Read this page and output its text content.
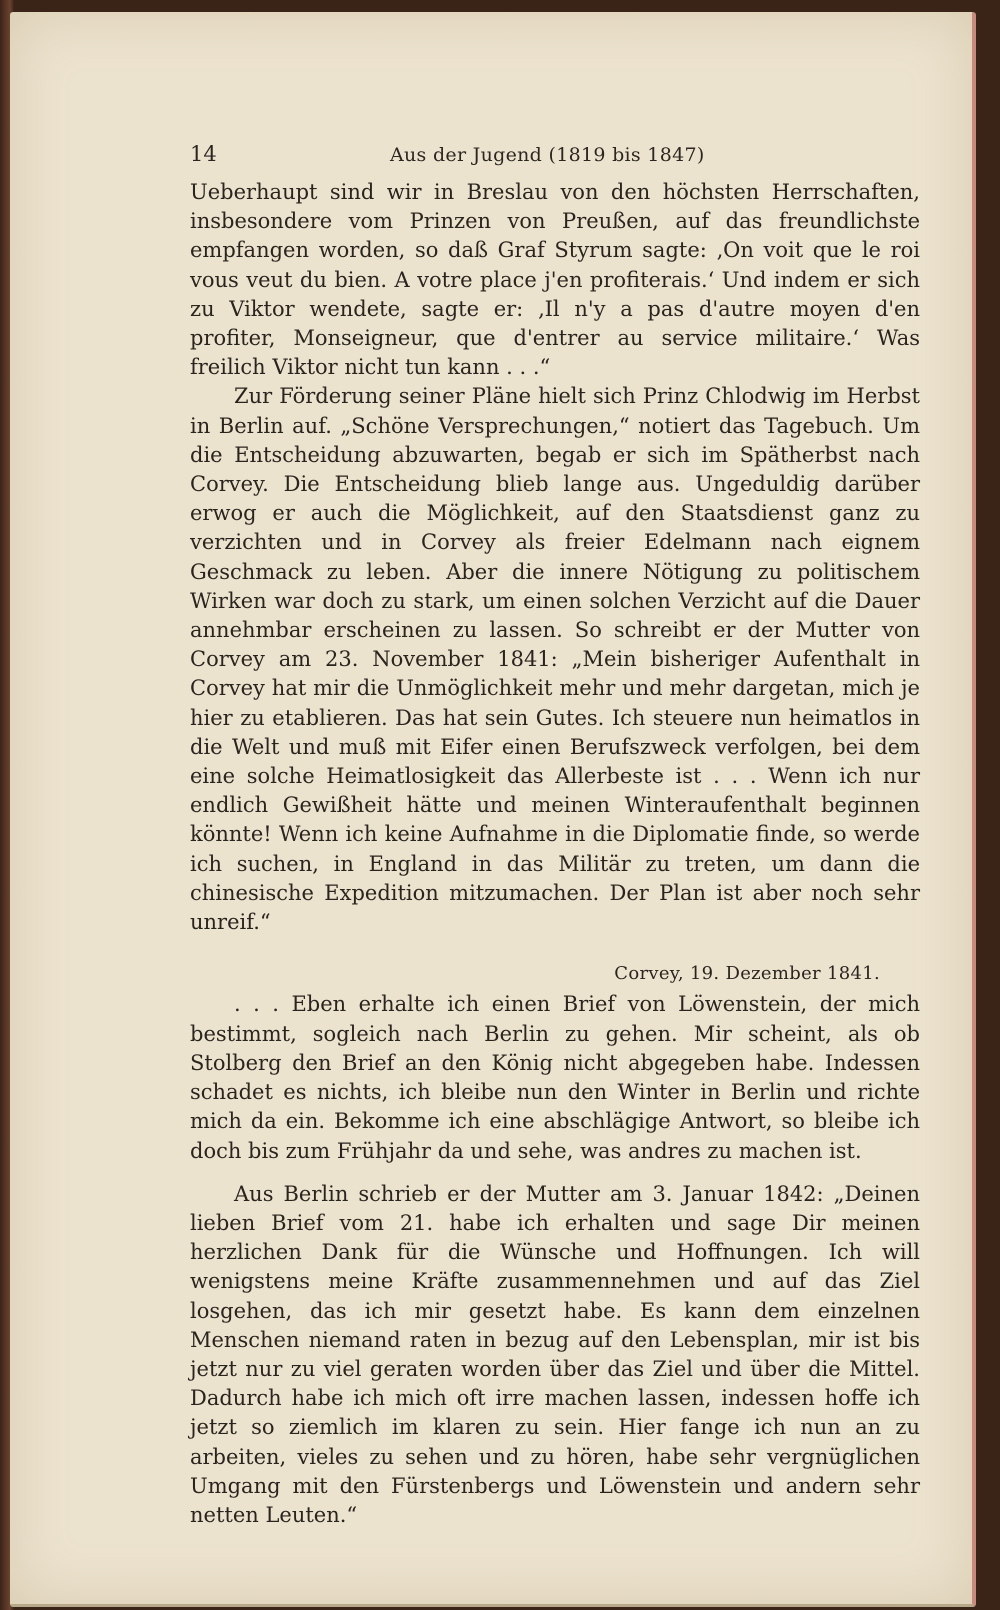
14	Aus der Jugend (1819 bis 1847)

Ueberhaupt sind wir in Breslau von den höchsten Herrschaften, insbesondere vom Prinzen von Preußen, auf das freundlichste empfangen worden, so daß Graf Styrum sagte: ‚On voit que le roi vous veut du bien. A votre place j'en profiterais.‘ Und indem er sich zu Viktor wendete, sagte er: ‚Il n'y a pas d'autre moyen d'en profiter, Monseigneur, que d'entrer au service militaire.‘ Was freilich Viktor nicht tun kann . . .“

Zur Förderung seiner Pläne hielt sich Prinz Chlodwig im Herbst in Berlin auf. „Schöne Versprechungen,“ notiert das Tagebuch. Um die Entscheidung abzuwarten, begab er sich im Spätherbst nach Corvey. Die Entscheidung blieb lange aus. Ungeduldig darüber erwog er auch die Möglichkeit, auf den Staatsdienst ganz zu verzichten und in Corvey als freier Edelmann nach eignem Geschmack zu leben. Aber die innere Nötigung zu politischem Wirken war doch zu stark, um einen solchen Verzicht auf die Dauer annehmbar erscheinen zu lassen. So schreibt er der Mutter von Corvey am 23. November 1841: „Mein bisheriger Aufenthalt in Corvey hat mir die Unmöglichkeit mehr und mehr dargetan, mich je hier zu etablieren. Das hat sein Gutes. Ich steuere nun heimatlos in die Welt und muß mit Eifer einen Berufszweck verfolgen, bei dem eine solche Heimatlosigkeit das Allerbeste ist . . . Wenn ich nur endlich Gewißheit hätte und meinen Winteraufenthalt beginnen könnte! Wenn ich keine Aufnahme in die Diplomatie finde, so werde ich suchen, in England in das Militär zu treten, um dann die chinesische Expedition mitzumachen. Der Plan ist aber noch sehr unreif.“

Corvey, 19. Dezember 1841.

. . . Eben erhalte ich einen Brief von Löwenstein, der mich bestimmt, sogleich nach Berlin zu gehen. Mir scheint, als ob Stolberg den Brief an den König nicht abgegeben habe. Indessen schadet es nichts, ich bleibe nun den Winter in Berlin und richte mich da ein. Bekomme ich eine abschlägige Antwort, so bleibe ich doch bis zum Frühjahr da und sehe, was andres zu machen ist.

Aus Berlin schrieb er der Mutter am 3. Januar 1842: „Deinen lieben Brief vom 21. habe ich erhalten und sage Dir meinen herzlichen Dank für die Wünsche und Hoffnungen. Ich will wenigstens meine Kräfte zusammennehmen und auf das Ziel losgehen, das ich mir gesetzt habe. Es kann dem einzelnen Menschen niemand raten in bezug auf den Lebensplan, mir ist bis jetzt nur zu viel geraten worden über das Ziel und über die Mittel. Dadurch habe ich mich oft irre machen lassen, indessen hoffe ich jetzt so ziemlich im klaren zu sein. Hier fange ich nun an zu arbeiten, vieles zu sehen und zu hören, habe sehr vergnüglichen Umgang mit den Fürstenbergs und Löwenstein und andern sehr netten Leuten.“
